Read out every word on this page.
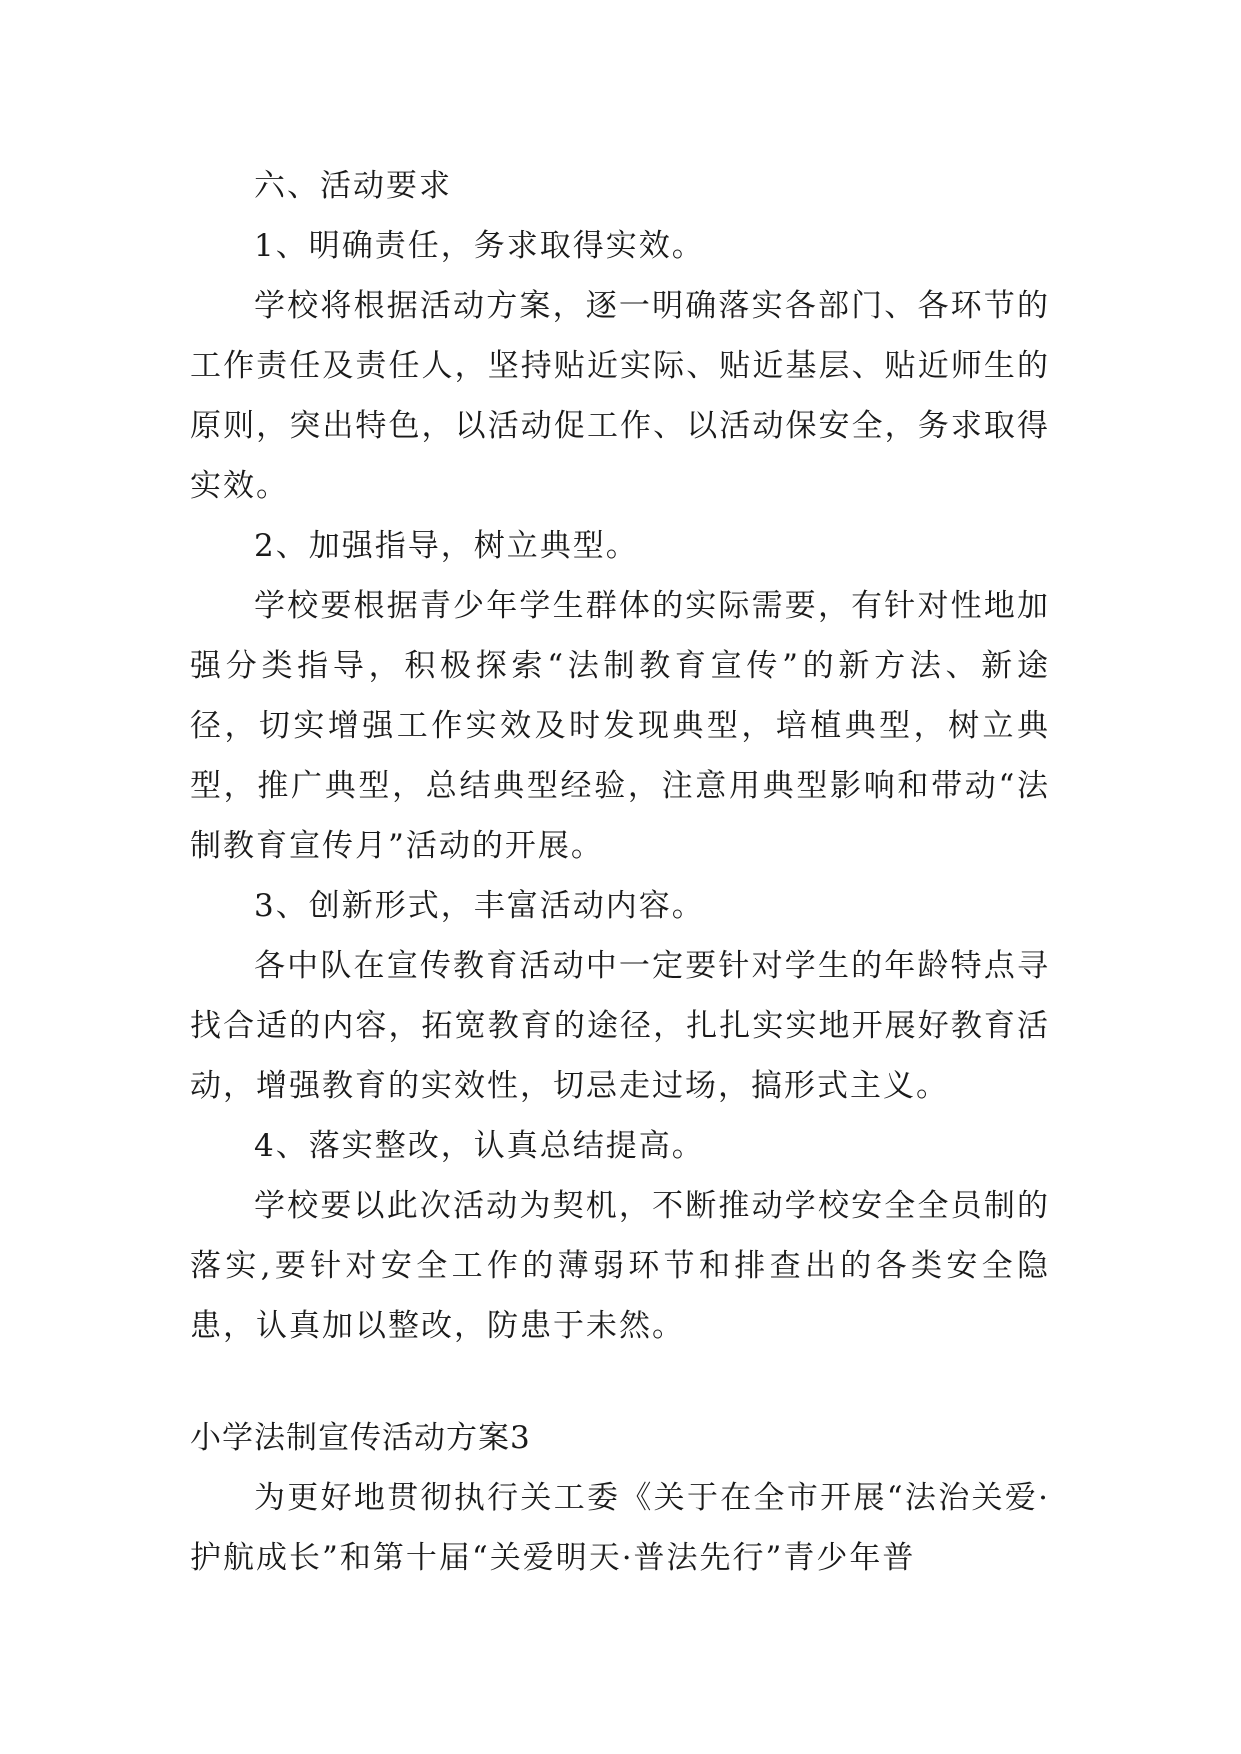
六、活动要求

1、明确责任，务求取得实效。

学校将根据活动方案，逐一明确落实各部门、各环节的工作责任及责任人，坚持贴近实际、贴近基层、贴近师生的原则，突出特色，以活动促工作、以活动保安全，务求取得实效。

2、加强指导，树立典型。

学校要根据青少年学生群体的实际需要，有针对性地加强分类指导，积极探索“法制教育宣传”的新方法、新途径，切实增强工作实效及时发现典型，培植典型，树立典型，推广典型，总结典型经验，注意用典型影响和带动“法制教育宣传月”活动的开展。

3、创新形式，丰富活动内容。

各中队在宣传教育活动中一定要针对学生的年龄特点寻找合适的内容，拓宽教育的途径，扎扎实实地开展好教育活动，增强教育的实效性，切忌走过场，搞形式主义。

4、落实整改，认真总结提高。

学校要以此次活动为契机，不断推动学校安全全员制的落实,要针对安全工作的薄弱环节和排查出的各类安全隐患，认真加以整改，防患于未然。

小学法制宣传活动方案3

为更好地贯彻执行关工委《关于在全市开展“法治关爱·护航成长”和第十届“关爱明天·普法先行”青少年普
